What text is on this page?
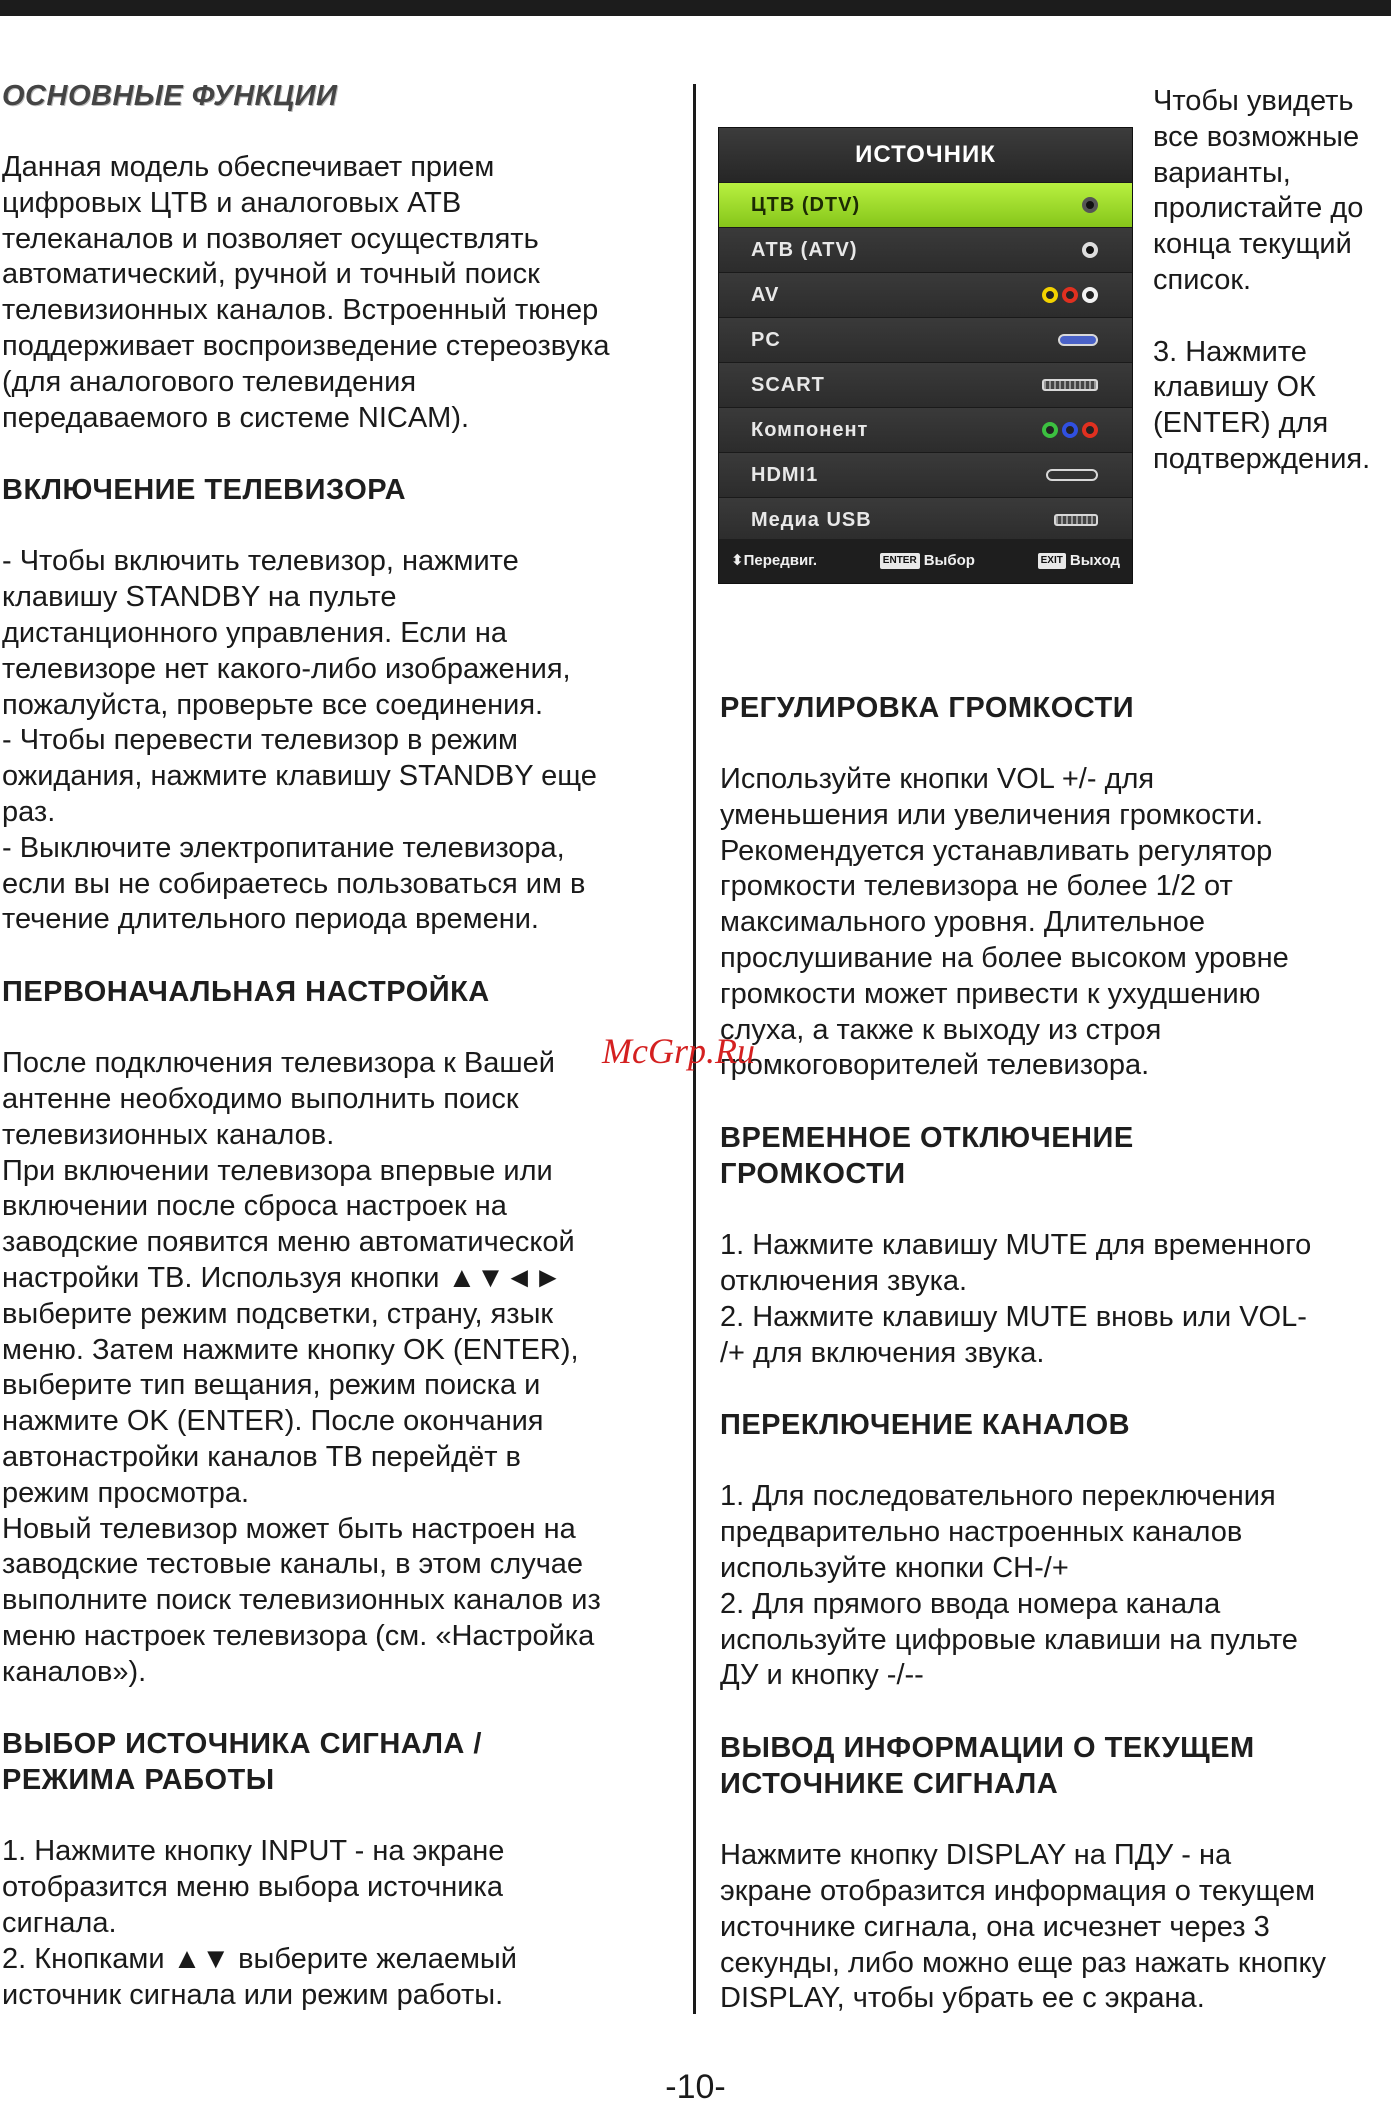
ОСНОВНЫЕ ФУНКЦИИ
Данная модель обеспечивает прием
цифровых ЦТВ и аналоговых АТВ
телеканалов и позволяет осуществлять
автоматический, ручной и точный поиск
телевизионных каналов. Встроенный тюнер
поддерживает воспроизведение стереозвука
(для аналогового телевидения
передаваемого в системе NICAM).
ВКЛЮЧЕНИЕ ТЕЛЕВИЗОРА
- Чтобы включить телевизор, нажмите
клавишу STANDBY на пульте
дистанционного управления. Если на
телевизоре нет какого-либо изображения,
пожалуйста, проверьте все соединения.
- Чтобы перевести телевизор в режим
ожидания, нажмите клавишу STANDBY еще
раз.
- Выключите электропитание телевизора,
если вы не собираетесь пользоваться им в
течение длительного периода времени.
ПЕРВОНАЧАЛЬНАЯ НАСТРОЙКА
После подключения телевизора к Вашей
антенне необходимо выполнить поиск
телевизионных каналов.
При включении телевизора впервые или
включении после сброса настроек на
заводские появится меню автоматической
настройки ТВ. Используя кнопки ▲▼◄►
выберите режим подсветки, страну, язык
меню. Затем нажмите кнопку OK (ENTER),
выберите тип вещания, режим поиска и
нажмите OK (ENTER). После окончания
автонастройки каналов ТВ перейдёт в
режим просмотра.
Новый телевизор может быть настроен на
заводские тестовые каналы, в этом случае
выполните поиск телевизионных каналов из
меню настроек телевизора (см. «Настройка
каналов»).
ВЫБОР ИСТОЧНИКА СИГНАЛА /
РЕЖИМА РАБОТЫ
1. Нажмите кнопку INPUT - на экране
отобразится меню выбора источника
сигнала.
2. Кнопками ▲▼ выберите желаемый
источник сигнала или режим работы.
ИСТОЧНИК
ЦТВ (DTV)
АТВ (ATV)
AV
PC
SCART
Компонент
HDMI1
Медиа USB
⬍Передвиг.	ENTER Выбор	EXIT Выход
Чтобы увидеть
все возможные
варианты,
пролистайте до
конца текущий
список.

3. Нажмите
клавишу ОК
(ENTER) для
подтверждения.
РЕГУЛИРОВКА ГРОМКОСТИ
Используйте кнопки VOL +/- для
уменьшения или увеличения громкости.
Рекомендуется устанавливать регулятор
громкости телевизора не более 1/2 от
максимального уровня. Длительное
прослушивание на более высоком уровне
громкости может привести к ухудшению
слуха, а также к выходу из строя
громкоговорителей телевизора.
ВРЕМЕННОЕ ОТКЛЮЧЕНИЕ
ГРОМКОСТИ
1. Нажмите клавишу MUTE для временного
отключения звука.
2. Нажмите клавишу MUTE вновь или VOL-
/+ для включения звука.
ПЕРЕКЛЮЧЕНИЕ КАНАЛОВ
1. Для последовательного переключения
предварительно настроенных каналов
используйте кнопки CH-/+
2. Для прямого ввода номера канала
используйте цифровые клавиши на пульте
ДУ и кнопку -/--
ВЫВОД ИНФОРМАЦИИ О ТЕКУЩЕМ
ИСТОЧНИКЕ СИГНАЛА
Нажмите кнопку DISPLAY на ПДУ - на
экране отобразится информация о текущем
источнике сигнала, она исчезнет через 3
секунды, либо можно еще раз нажать кнопку
DISPLAY, чтобы убрать ее с экрана.
McGrp.Ru
-10-
